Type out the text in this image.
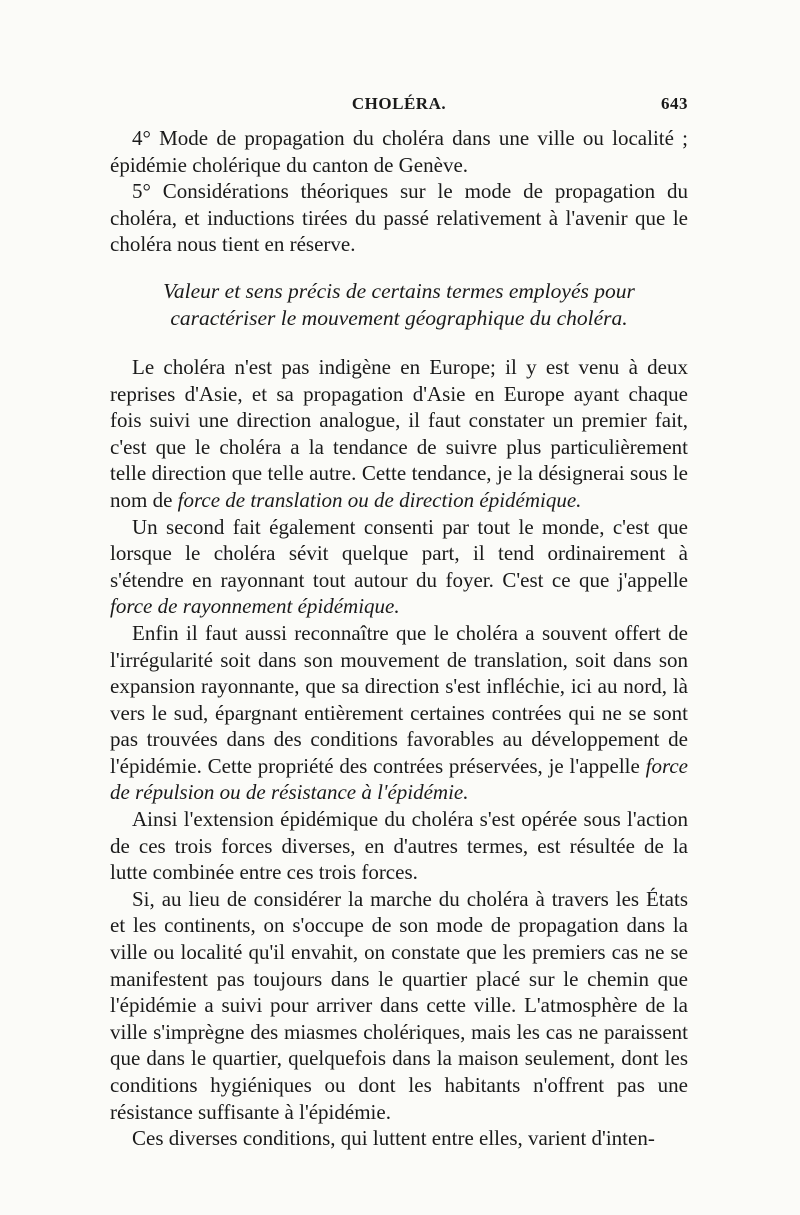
CHOLÉRA.	643

4° Mode de propagation du choléra dans une ville ou localité ; épidémie cholérique du canton de Genève.

5° Considérations théoriques sur le mode de propagation du choléra, et inductions tirées du passé relativement à l'avenir que le choléra nous tient en réserve.

Valeur et sens précis de certains termes employés pour caractériser le mouvement géographique du choléra.

Le choléra n'est pas indigène en Europe; il y est venu à deux reprises d'Asie, et sa propagation d'Asie en Europe ayant chaque fois suivi une direction analogue, il faut constater un premier fait, c'est que le choléra a la tendance de suivre plus particulièrement telle direction que telle autre. Cette tendance, je la désignerai sous le nom de force de translation ou de direction épidémique.

Un second fait également consenti par tout le monde, c'est que lorsque le choléra sévit quelque part, il tend ordinairement à s'étendre en rayonnant tout autour du foyer. C'est ce que j'appelle force de rayonnement épidémique.

Enfin il faut aussi reconnaître que le choléra a souvent offert de l'irrégularité soit dans son mouvement de translation, soit dans son expansion rayonnante, que sa direction s'est infléchie, ici au nord, là vers le sud, épargnant entièrement certaines contrées qui ne se sont pas trouvées dans des conditions favorables au développement de l'épidémie. Cette propriété des contrées préservées, je l'appelle force de répulsion ou de résistance à l'épidémie.

Ainsi l'extension épidémique du choléra s'est opérée sous l'action de ces trois forces diverses, en d'autres termes, est résultée de la lutte combinée entre ces trois forces.

Si, au lieu de considérer la marche du choléra à travers les États et les continents, on s'occupe de son mode de propagation dans la ville ou localité qu'il envahit, on constate que les premiers cas ne se manifestent pas toujours dans le quartier placé sur le chemin que l'épidémie a suivi pour arriver dans cette ville. L'atmosphère de la ville s'imprègne des miasmes cholériques, mais les cas ne paraissent que dans le quartier, quelquefois dans la maison seulement, dont les conditions hygiéniques ou dont les habitants n'offrent pas une résistance suffisante à l'épidémie.

Ces diverses conditions, qui luttent entre elles, varient d'inten-
